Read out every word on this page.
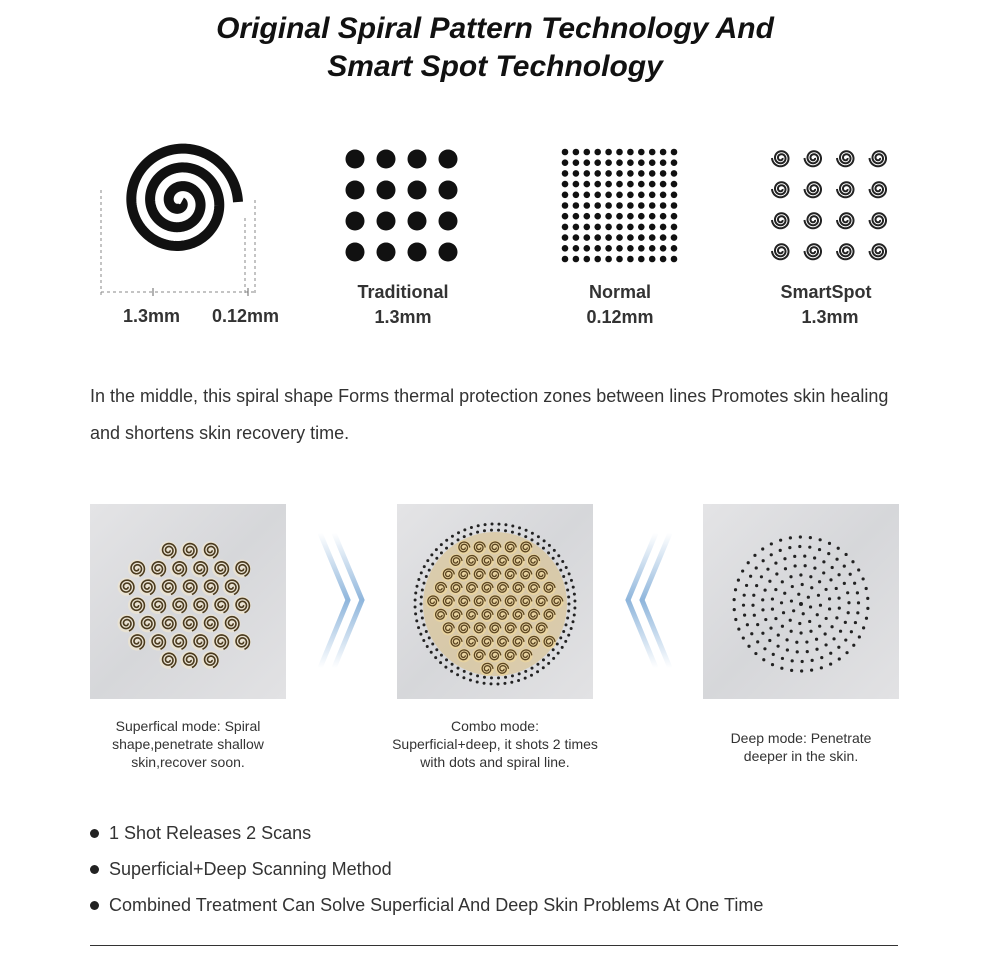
Original Spiral Pattern Technology And
Smart Spot Technology
1.3mm 0.12mm
Traditional
1.3mm
Normal
0.12mm
SmartSpot
1.3mm
In the middle, this spiral shape Forms thermal protection zones between lines Promotes skin healing and shortens skin recovery time.
Superfical mode: Spiral
shape,penetrate shallow
skin,recover soon.
Combo mode:
Superficial+deep, it shots 2 times
with dots and spiral line.
Deep mode: Penetrate
deeper in the skin.
1 Shot Releases 2 Scans
Superficial+Deep Scanning Method
Combined Treatment Can Solve Superficial And Deep Skin Problems At One Time
